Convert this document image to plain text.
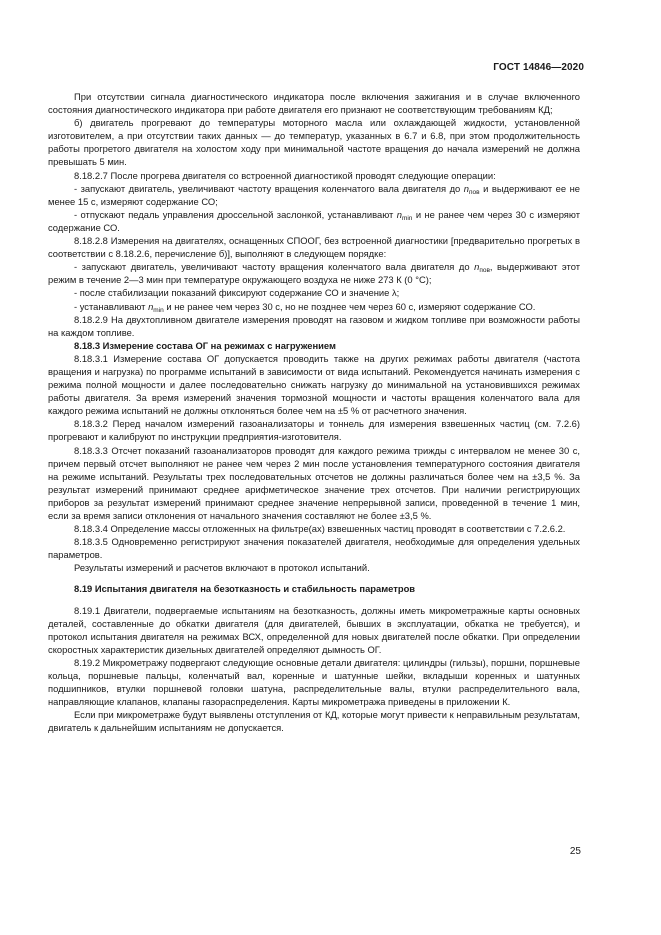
ГОСТ 14846—2020

При отсутствии сигнала диагностического индикатора после включения зажигания и в случае включенного состояния диагностического индикатора при работе двигателя его признают не соответствующим требованиям КД;

б) двигатель прогревают до температуры моторного масла или охлаждающей жидкости, установленной изготовителем, а при отсутствии таких данных — до температур, указанных в 6.7 и 6.8, при этом продолжительность работы прогретого двигателя на холостом ходу при минимальной частоте вращения до начала измерений не должна превышать 5 мин.

8.18.2.7 После прогрева двигателя со встроенной диагностикой проводят следующие операции:

- запускают двигатель, увеличивают частоту вращения коленчатого вала двигателя до $n_{пов}$ и выдерживают ее не менее 15 с, измеряют содержание СО;

- отпускают педаль управления дроссельной заслонкой, устанавливают $n_{min}$ и не ранее чем через 30 с измеряют содержание СО.

8.18.2.8 Измерения на двигателях, оснащенных СПООГ, без встроенной диагностики [предварительно прогретых в соответствии с 8.18.2.6, перечисление б)], выполняют в следующем порядке:

- запускают двигатель, увеличивают частоту вращения коленчатого вала двигателя до $n_{пов}$, выдерживают этот режим в течение 2—3 мин при температуре окружающего воздуха не ниже 273 К (0 °С);

- после стабилизации показаний фиксируют содержание СО и значение λ;

- устанавливают $n_{min}$ и не ранее чем через 30 с, но не позднее чем через 60 с, измеряют содержание СО.

8.18.2.9 На двухтопливном двигателе измерения проводят на газовом и жидком топливе при возможности работы на каждом топливе.

8.18.3 Измерение состава ОГ на режимах с нагружением

8.18.3.1 Измерение состава ОГ допускается проводить также на других режимах работы двигателя (частота вращения и нагрузка) по программе испытаний в зависимости от вида испытаний. Рекомендуется начинать измерения с режима полной мощности и далее последовательно снижать нагрузку до минимальной на установившихся режимах работы двигателя. За время измерений значения тормозной мощности и частоты вращения коленчатого вала для каждого режима испытаний не должны отклоняться более чем на ±5 % от расчетного значения.

8.18.3.2 Перед началом измерений газоанализаторы и тоннель для измерения взвешенных частиц (см. 7.2.6) прогревают и калибруют по инструкции предприятия-изготовителя.

8.18.3.3 Отсчет показаний газоанализаторов проводят для каждого режима трижды с интервалом не менее 30 с, причем первый отсчет выполняют не ранее чем через 2 мин после установления температурного состояния двигателя на режиме испытаний. Результаты трех последовательных отсчетов не должны различаться более чем на ±3,5 %. За результат измерений принимают среднее арифметическое значение трех отсчетов. При наличии регистрирующих приборов за результат измерений принимают среднее значение непрерывной записи, проведенной в течение 1 мин, если за время записи отклонения от начального значения составляют не более ±3,5 %.

8.18.3.4 Определение массы отложенных на фильтре(ах) взвешенных частиц проводят в соответствии с 7.2.6.2.

8.18.3.5 Одновременно регистрируют значения показателей двигателя, необходимые для определения удельных параметров.

Результаты измерений и расчетов включают в протокол испытаний.

8.19 Испытания двигателя на безотказность и стабильность параметров

8.19.1 Двигатели, подвергаемые испытаниям на безотказность, должны иметь микрометражные карты основных деталей, составленные до обкатки двигателя (для двигателей, бывших в эксплуатации, обкатка не требуется), и протокол испытания двигателя на режимах ВСХ, определенной для новых двигателей после обкатки. При определении скоростных характеристик дизельных двигателей определяют дымность ОГ.

8.19.2 Микрометражу подвергают следующие основные детали двигателя: цилиндры (гильзы), поршни, поршневые кольца, поршневые пальцы, коленчатый вал, коренные и шатунные шейки, вкладыши коренных и шатунных подшипников, втулки поршневой головки шатуна, распределительные валы, втулки распределительного вала, направляющие клапанов, клапаны газораспределения. Карты микрометража приведены в приложении К.

Если при микрометраже будут выявлены отступления от КД, которые могут привести к неправильным результатам, двигатель к дальнейшим испытаниям не допускается.

25
